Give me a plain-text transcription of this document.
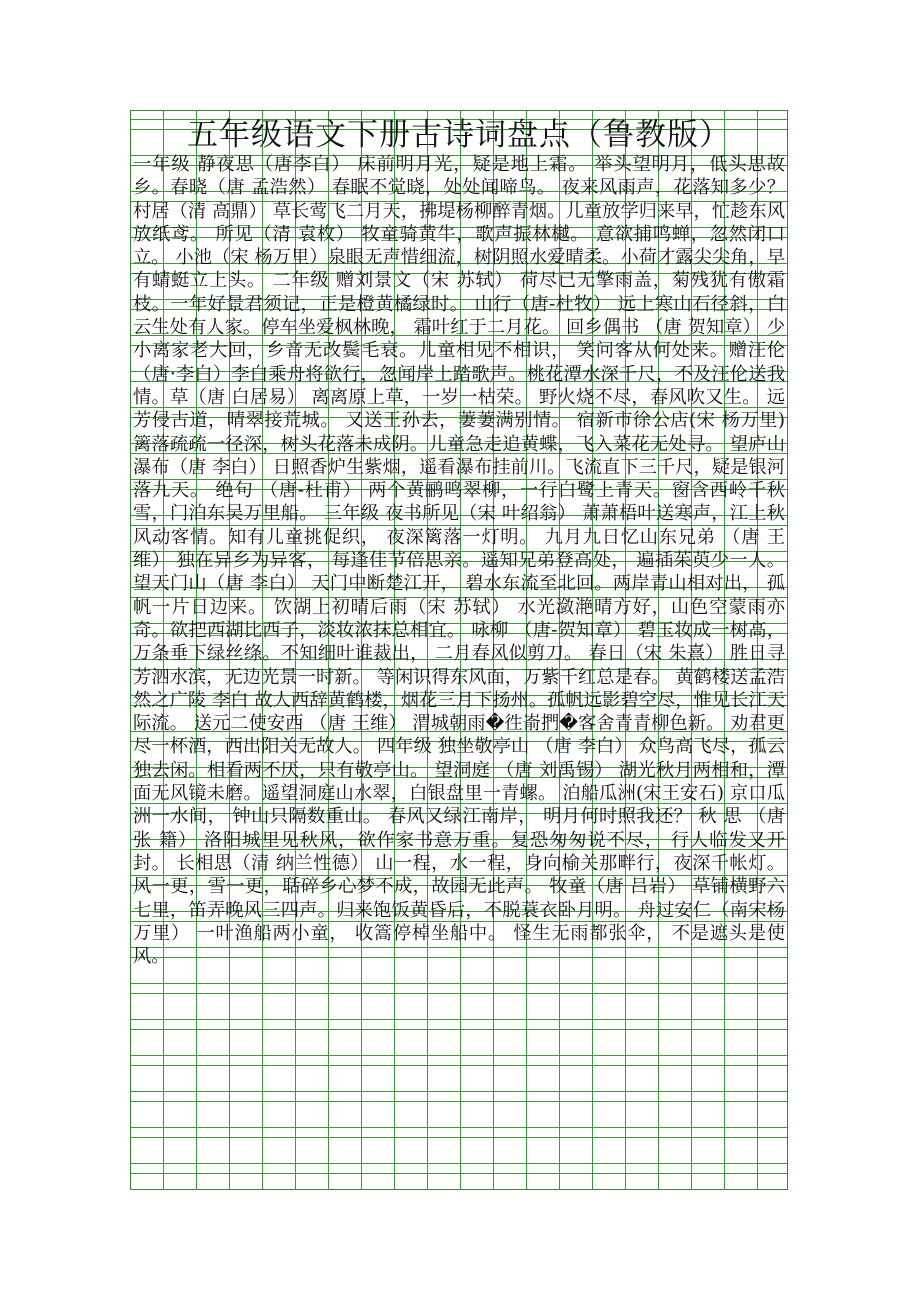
五年级语文下册古诗词盘点（鲁教版）
一年级 静夜思（唐李白） 床前明月光，疑是地上霜。 举头望明月，低头思故乡。春晓（唐 孟浩然） 春眠不觉晓，处处闻啼鸟。 夜来风雨声，花落知多少？ 村居（清 高鼎） 草长莺飞二月天，拂堤杨柳醉青烟。儿童放学归来早，忙趁东风放纸鸢。 所见（清 袁枚） 牧童骑黄牛，歌声振林樾。 意欲捕鸣蝉，忽然闭口立。 小池（宋 杨万里）泉眼无声惜细流，树阴照水爱晴柔。小荷才露尖尖角，早有蜻蜓立上头。 二年级 赠刘景文（宋 苏轼） 荷尽已无擎雨盖，菊残犹有傲霜枝。一年好景君须记，正是橙黄橘绿时。 山行（唐-杜牧） 远上寒山石径斜，白云生处有人家。停车坐爱枫林晚， 霜叶红于二月花。 回乡偶书 （唐 贺知章） 少小离家老大回，乡音无改鬓毛衰。儿童相见不相识， 笑问客从何处来。赠汪伦（唐·李白）李白乘舟将欲行，忽闻岸上踏歌声。桃花潭水深千尺，不及汪伦送我情。草（唐 白居易） 离离原上草，一岁一枯荣。 野火烧不尽，春风吹又生。 远芳侵古道，晴翠接荒城。 又送王孙去，萋萋满别情。 宿新市徐公店(宋 杨万里) 篱落疏疏一径深，树头花落未成阴。儿童急走追黄蝶，飞入菜花无处寻。 望庐山瀑布（唐 李白） 日照香炉生紫烟，遥看瀑布挂前川。飞流直下三千尺，疑是银河落九天。 绝句 （唐-杜甫） 两个黄鹂鸣翠柳，一行白鹭上青天。窗含西岭千秋雪，门泊东吴万里船。 三年级 夜书所见（宋 叶绍翁） 萧萧梧叶送寒声，江上秋风动客情。知有儿童挑促织， 夜深篱落一灯明。 九月九日忆山东兄弟 （唐 王维） 独在异乡为异客， 每逢佳节倍思亲。遥知兄弟登高处， 遍插茱萸少一人。 望天门山（唐 李白） 天门中断楚江开， 碧水东流至北回。两岸青山相对出， 孤帆一片日边来。 饮湖上初晴后雨（宋 苏轼） 水光潋滟晴方好，山色空蒙雨亦奇。欲把西湖比西子，淡妆浓抹总相宜。 咏柳 （唐-贺知章） 碧玉妆成一树高，万条垂下绿丝绦。不知细叶谁裁出， 二月春风似剪刀。 春日（宋 朱熹） 胜日寻芳泗水滨，无边光景一时新。 等闲识得东风面，万紫千红总是春。 黄鹤楼送孟浩然之广陵 李白 故人西辞黄鹤楼，烟花三月下扬州。孤帆远影碧空尽，惟见长江天际流。 送元二使安西 （唐 王维） 渭城朝雨�徃嵛捫�客舍青青柳色新。 劝君更尽一杯酒，西出阳关无故人。 四年级 独坐敬亭山 （唐 李白） 众鸟高飞尽，孤云独去闲。相看两不厌，只有敬亭山。 望洞庭 （唐 刘禹锡） 湖光秋月两相和，潭面无风镜未磨。遥望洞庭山水翠，白银盘里一青螺。 泊船瓜洲(宋王安石) 京口瓜洲一水间， 钟山只隔数重山。 春风又绿江南岸， 明月何时照我还？ 秋 思 （唐 张 籍） 洛阳城里见秋风，欲作家书意万重。复恐匆匆说不尽， 行人临发又开封。 长相思（清 纳兰性德） 山一程，水一程，身向榆关那畔行，夜深千帐灯。 风一更，雪一更，聒碎乡心梦不成，故园无此声。 牧童（唐 吕岩） 草铺横野六七里，笛弄晚风三四声。归来饱饭黄昏后，不脱蓑衣卧月明。 舟过安仁（南宋杨万里） 一叶渔船两小童， 收篙停棹坐船中。 怪生无雨都张伞， 不是遮头是使风。
